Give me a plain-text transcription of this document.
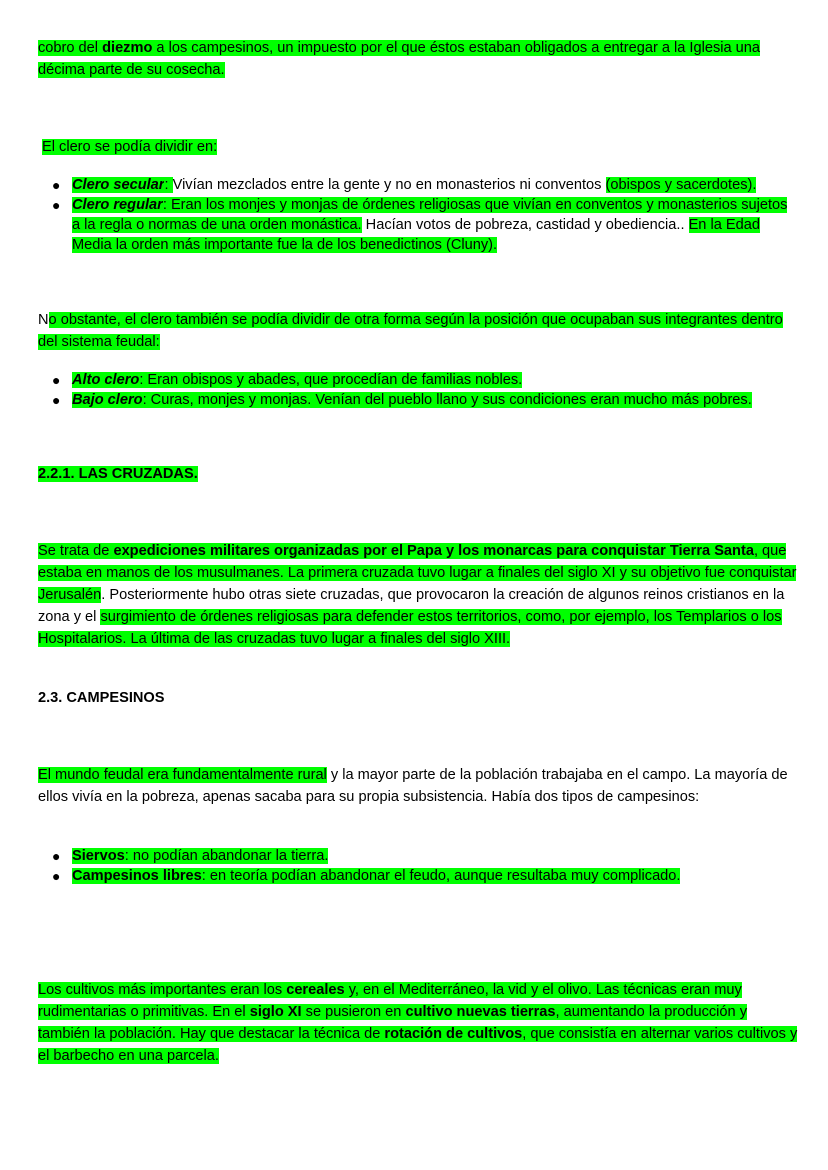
cobro del diezmo a los campesinos, un impuesto por el que éstos estaban obligados a entregar a la Iglesia una décima parte de su cosecha.
El clero se podía dividir en:
● Clero secular: Vivían mezclados entre la gente y no en monasterios ni conventos (obispos y sacerdotes).
● Clero regular: Eran los monjes y monjas de órdenes religiosas que vivían en conventos y monasterios sujetos a la regla o normas de una orden monástica. Hacían votos de pobreza, castidad y obediencia.. En la Edad Media la orden más importante fue la de los benedictinos (Cluny).
No obstante, el clero también se podía dividir de otra forma según la posición que ocupaban sus integrantes dentro del sistema feudal:
● Alto clero: Eran obispos y abades, que procedían de familias nobles.
● Bajo clero: Curas, monjes y monjas. Venían del pueblo llano y sus condiciones eran mucho más pobres.
2.2.1. LAS CRUZADAS.
Se trata de expediciones militares organizadas por el Papa y los monarcas para conquistar Tierra Santa, que estaba en manos de los musulmanes. La primera cruzada tuvo lugar a finales del siglo XI y su objetivo fue conquistar Jerusalén. Posteriormente hubo otras siete cruzadas, que provocaron la creación de algunos reinos cristianos en la zona y el surgimiento de órdenes religiosas para defender estos territorios, como, por ejemplo, los Templarios o los Hospitalarios. La última de las cruzadas tuvo lugar a finales del siglo XIII.
2.3. CAMPESINOS
El mundo feudal era fundamentalmente rural y la mayor parte de la población trabajaba en el campo. La mayoría de ellos vivía en la pobreza, apenas sacaba para su propia subsistencia. Había dos tipos de campesinos:
● Siervos: no podían abandonar la tierra.
● Campesinos libres: en teoría podían abandonar el feudo, aunque resultaba muy complicado.
Los cultivos más importantes eran los cereales y, en el Mediterráneo, la vid y el olivo. Las técnicas eran muy rudimentarias o primitivas. En el siglo XI se pusieron en cultivo nuevas tierras, aumentando la producción y también la población. Hay que destacar la técnica de rotación de cultivos, que consistía en alternar varios cultivos y el barbecho en una parcela.
